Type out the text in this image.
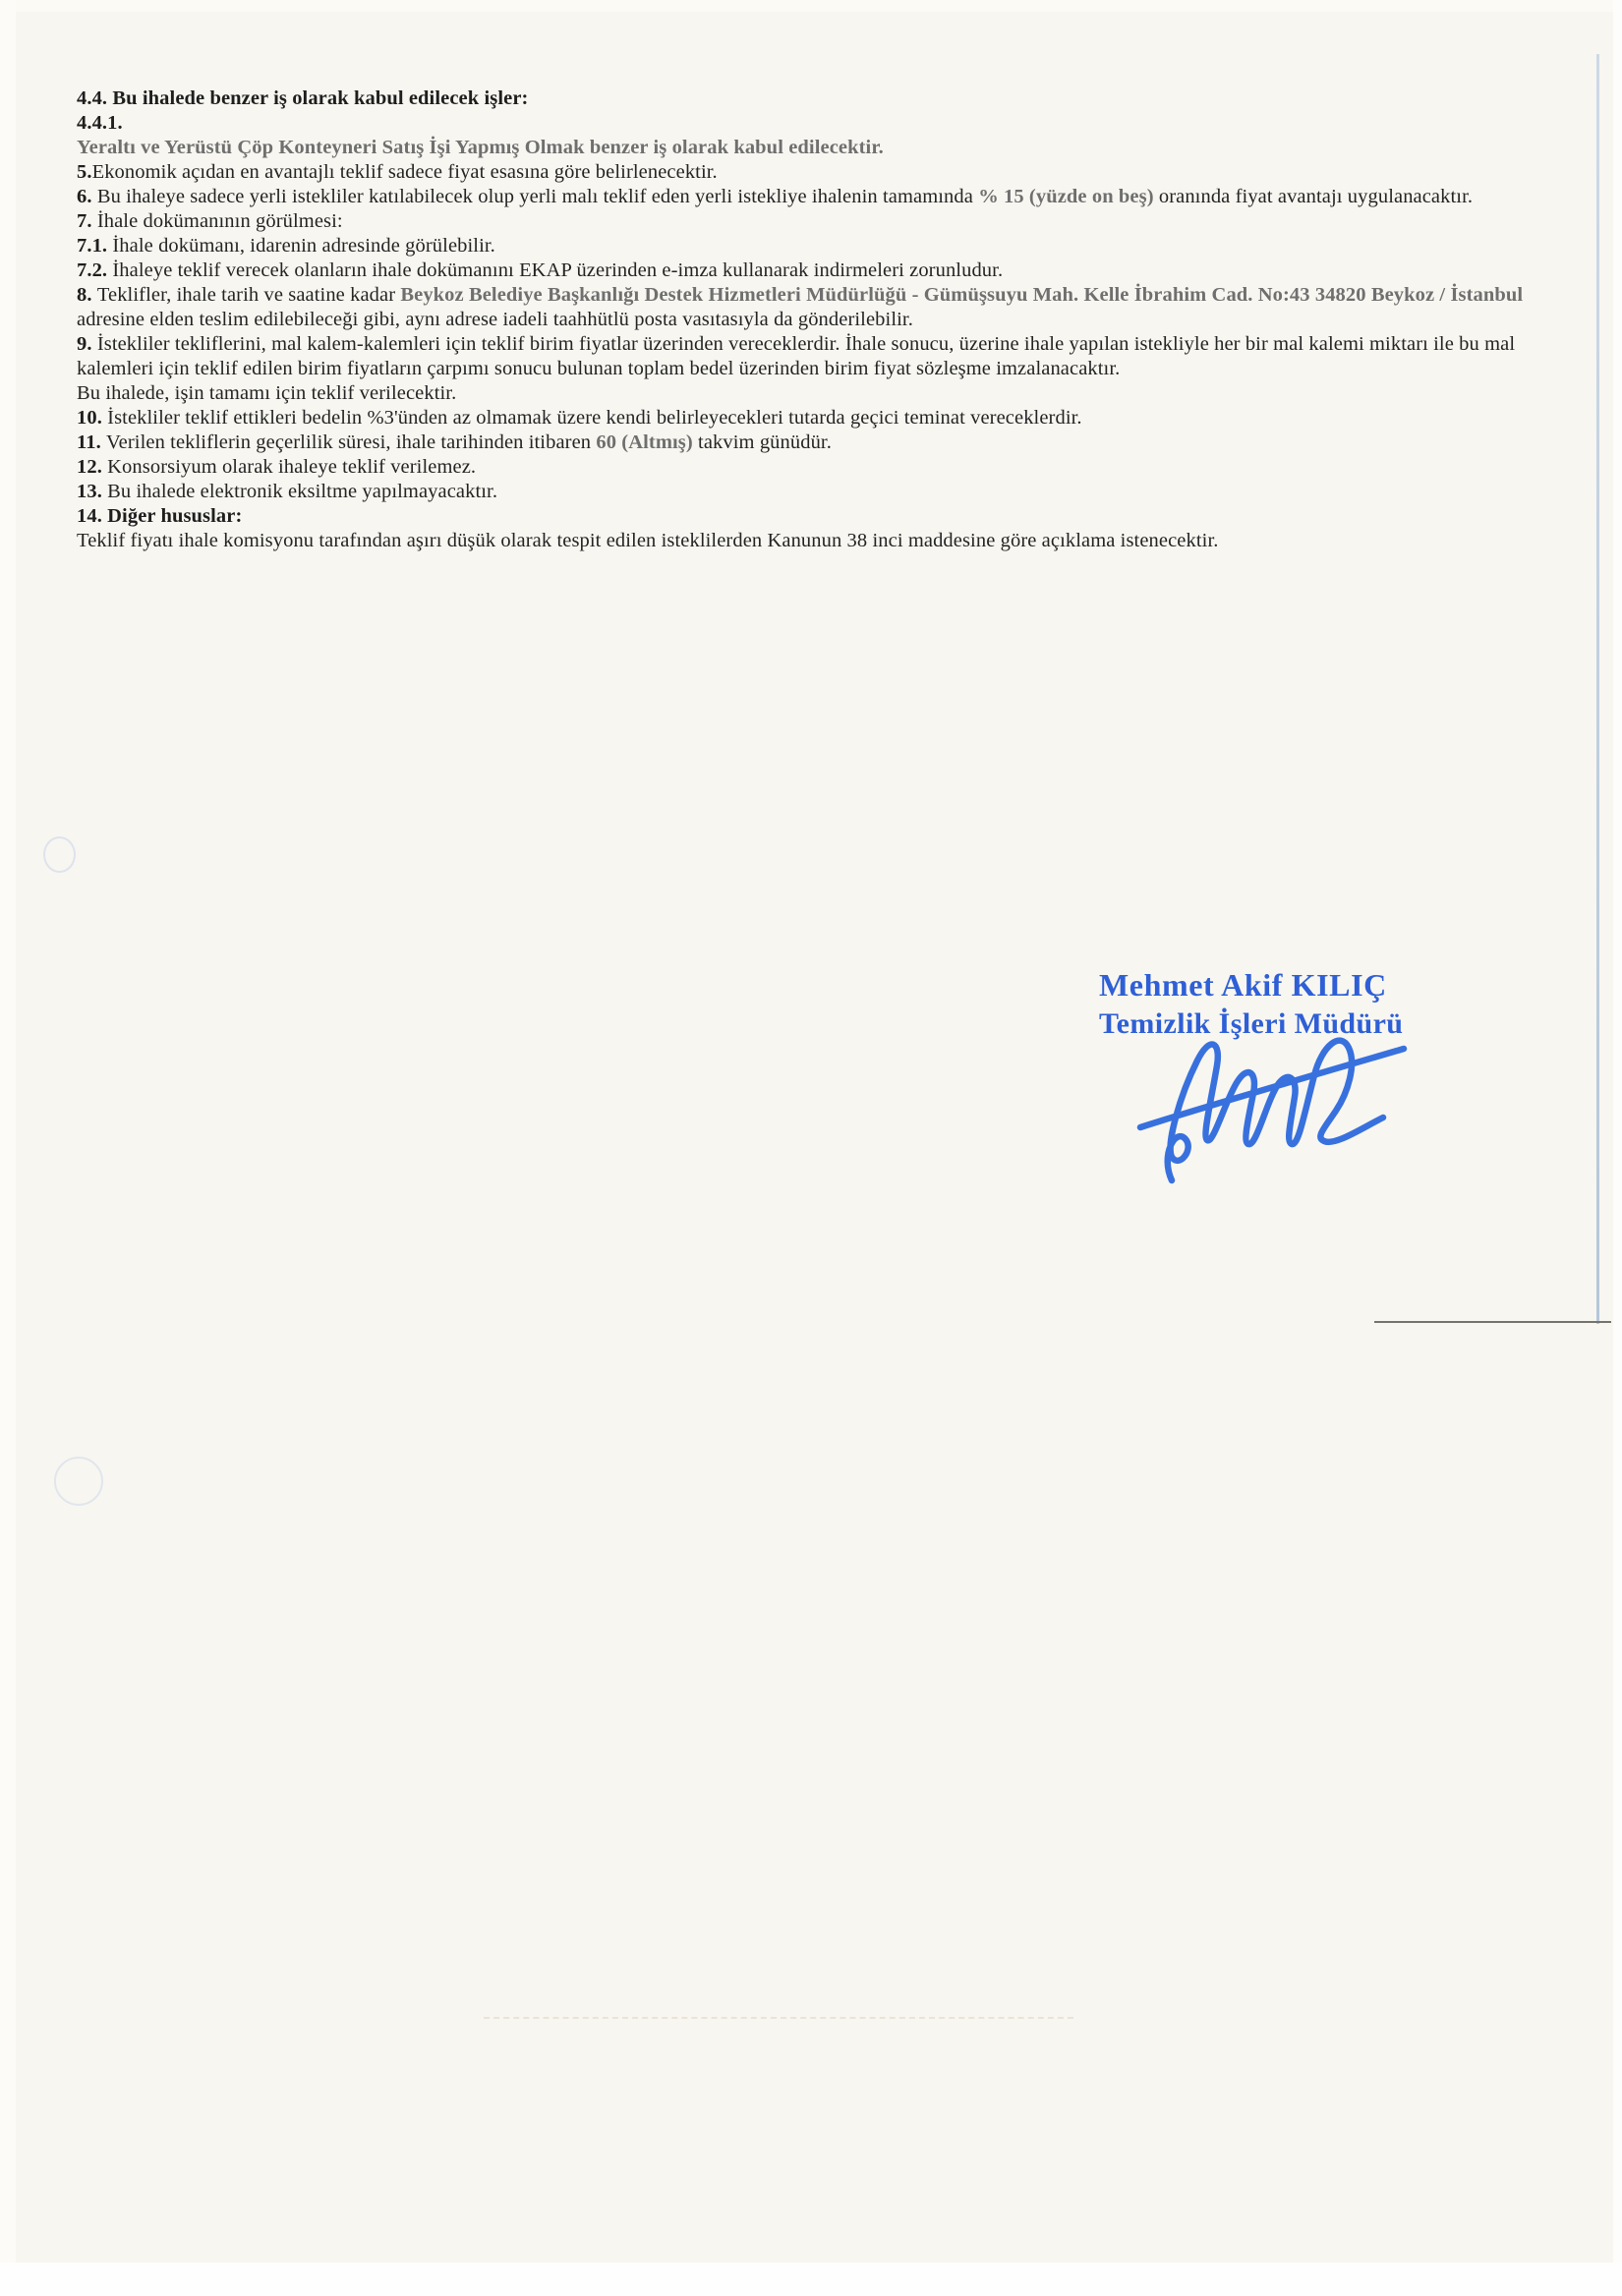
4.4. Bu ihalede benzer iş olarak kabul edilecek işler:

4.4.1.

Yeraltı ve Yerüstü Çöp Konteyneri Satış İşi Yapmış Olmak benzer iş olarak kabul edilecektir.

5.Ekonomik açıdan en avantajlı teklif sadece fiyat esasına göre belirlenecektir.

6. Bu ihaleye sadece yerli istekliler katılabilecek olup yerli malı teklif eden yerli istekliye ihalenin tamamında % 15 (yüzde on beş) oranında fiyat avantajı uygulanacaktır.

7. İhale dokümanının görülmesi:
7.1. İhale dokümanı, idarenin adresinde görülebilir.
7.2. İhaleye teklif verecek olanların ihale dokümanını EKAP üzerinden e-imza kullanarak indirmeleri zorunludur.

8. Teklifler, ihale tarih ve saatine kadar Beykoz Belediye Başkanlığı Destek Hizmetleri Müdürlüğü - Gümüşsuyu Mah. Kelle İbrahim Cad. No:43 34820 Beykoz / İstanbul adresine elden teslim edilebileceği gibi, aynı adrese iadeli taahhütlü posta vasıtasıyla da gönderilebilir.

9. İstekliler tekliflerini, mal kalem-kalemleri için teklif birim fiyatlar üzerinden vereceklerdir. İhale sonucu, üzerine ihale yapılan istekliyle her bir mal kalemi miktarı ile bu mal kalemleri için teklif edilen birim fiyatların çarpımı sonucu bulunan toplam bedel üzerinden birim fiyat sözleşme imzalanacaktır.
Bu ihalede, işin tamamı için teklif verilecektir.

10. İstekliler teklif ettikleri bedelin %3'ünden az olmamak üzere kendi belirleyecekleri tutarda geçici teminat vereceklerdir.

11. Verilen tekliflerin geçerlilik süresi, ihale tarihinden itibaren 60 (Altmış) takvim günüdür.

12. Konsorsiyum olarak ihaleye teklif verilemez.

13. Bu ihalede elektronik eksiltme yapılmayacaktır.

14. Diğer hususlar:

Teklif fiyatı ihale komisyonu tarafından aşırı düşük olarak tespit edilen isteklilerden Kanunun 38 inci maddesine göre açıklama istenecektir.

Mehmet Akif KILIÇ
Temizlik İşleri Müdürü
